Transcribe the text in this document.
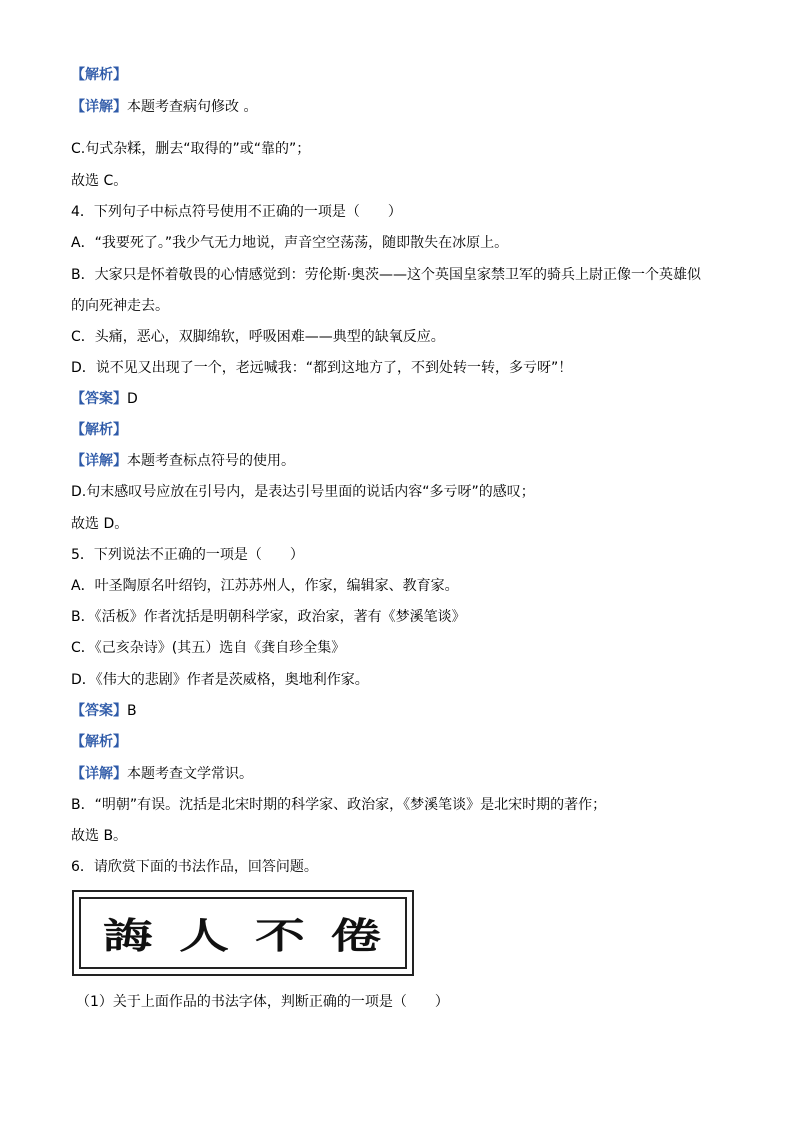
【解析】
【详解】本题考查病句修改 。
C.句式杂糅，删去“取得的”或“靠的”；
故选 C。
4．下列句子中标点符号使用不正确的一项是（　　）
A．“我要死了。”我少气无力地说，声音空空荡荡，随即散失在冰原上。
B．大家只是怀着敬畏的心情感觉到：劳伦斯·奥茨——这个英国皇家禁卫军的骑兵上尉正像一个英雄似
的向死神走去。
C．头痛，恶心，双脚绵软，呼吸困难——典型的缺氧反应。
D．说不见又出现了一个，老远喊我：“都到这地方了，不到处转一转，多亏呀”！
【答案】D
【解析】
【详解】本题考查标点符号的使用。
D.句末感叹号应放在引号内，是表达引号里面的说话内容“多亏呀”的感叹；
故选 D。
5．下列说法不正确的一项是（　　）
A．叶圣陶原名叶绍钧，江苏苏州人，作家，编辑家、教育家。
B．《活板》作者沈括是明朝科学家，政治家，著有《梦溪笔谈》
C．《己亥杂诗》(其五）选自《龚自珍全集》
D．《伟大的悲剧》作者是茨威格，奥地利作家。
【答案】B
【解析】
【详解】本题考查文学常识。
B．“明朝”有误。沈括是北宋时期的科学家、政治家，《梦溪笔谈》是北宋时期的著作；
故选 B。
6．请欣赏下面的书法作品，回答问题。
誨 人 不 倦
（1）关于上面作品的书法字体，判断正确的一项是（　　）
